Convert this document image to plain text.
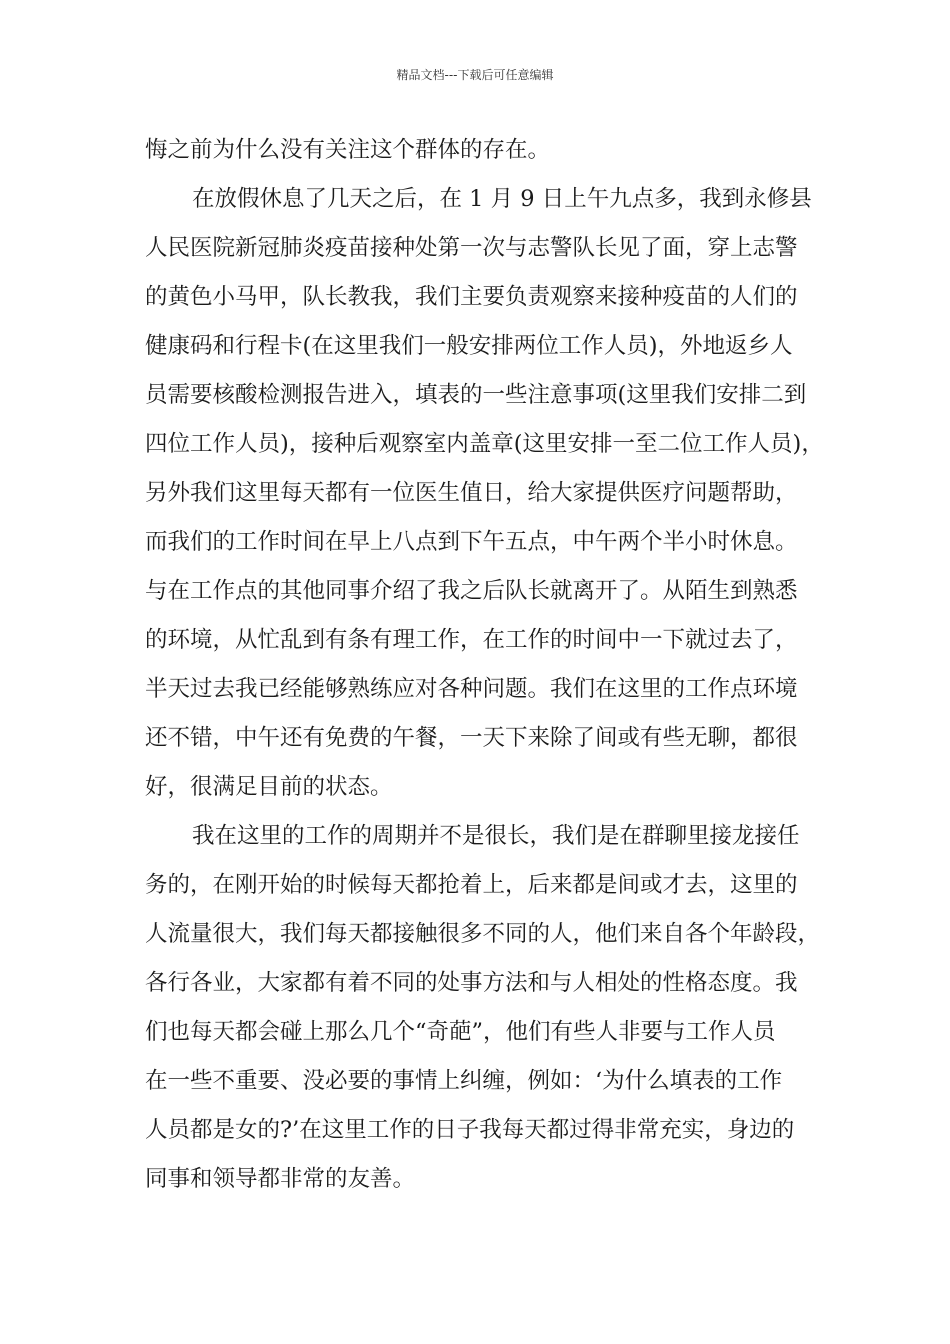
精品文档---下载后可任意编辑
悔之前为什么没有关注这个群体的存在。
在放假休息了几天之后，在 1 月 9 日上午九点多，我到永修县
人民医院新冠肺炎疫苗接种处第一次与志警队长见了面，穿上志警
的黄色小马甲，队长教我，我们主要负责观察来接种疫苗的人们的
健康码和行程卡(在这里我们一般安排两位工作人员)，外地返乡人
员需要核酸检测报告进入，填表的一些注意事项(这里我们安排二到
四位工作人员)，接种后观察室内盖章(这里安排一至二位工作人员)，
另外我们这里每天都有一位医生值日，给大家提供医疗问题帮助，
而我们的工作时间在早上八点到下午五点，中午两个半小时休息。
与在工作点的其他同事介绍了我之后队长就离开了。从陌生到熟悉
的环境，从忙乱到有条有理工作，在工作的时间中一下就过去了，
半天过去我已经能够熟练应对各种问题。我们在这里的工作点环境
还不错，中午还有免费的午餐，一天下来除了间或有些无聊，都很
好，很满足目前的状态。
我在这里的工作的周期并不是很长，我们是在群聊里接龙接任
务的，在刚开始的时候每天都抢着上，后来都是间或才去，这里的
人流量很大，我们每天都接触很多不同的人，他们来自各个年龄段，
各行各业，大家都有着不同的处事方法和与人相处的性格态度。我
们也每天都会碰上那么几个“奇葩”，他们有些人非要与工作人员
在一些不重要、没必要的事情上纠缠，例如：‘为什么填表的工作
人员都是女的?’在这里工作的日子我每天都过得非常充实，身边的
同事和领导都非常的友善。
